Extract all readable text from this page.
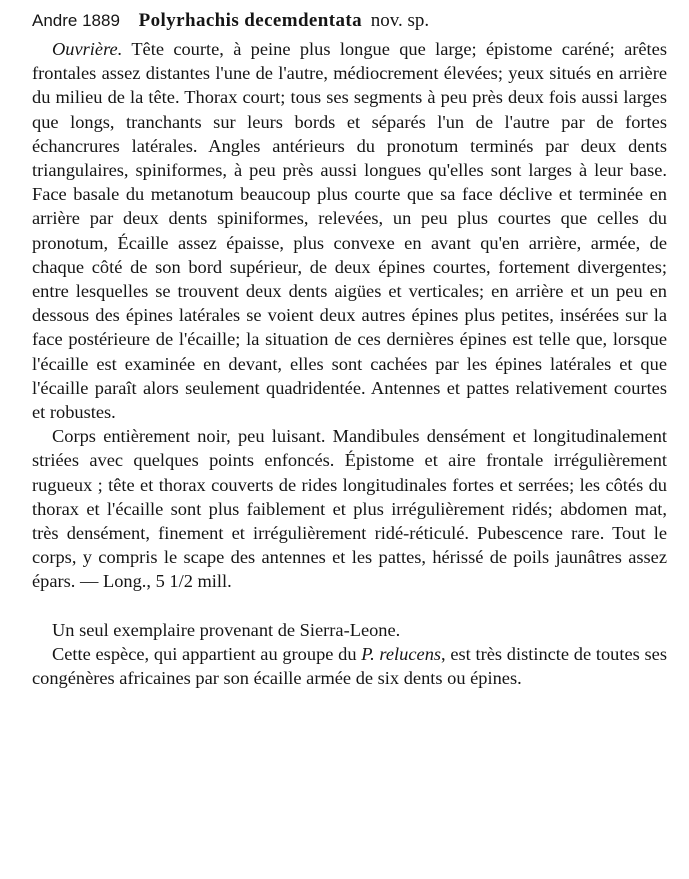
Andre 1889 Polyrhachis decemdentata nov. sp.

Ouvrière. Tête courte, à peine plus longue que large; épistome caréné; arêtes frontales assez distantes l'une de l'autre, médiocrement élevées; yeux situés en arrière du milieu de la tête. Thorax court; tous ses segments à peu près deux fois aussi larges que longs, tranchants sur leurs bords et séparés l'un de l'autre par de fortes échancrures latérales. Angles antérieurs du pronotum terminés par deux dents triangulaires, spiniformes, à peu près aussi longues qu'elles sont larges à leur base. Face basale du metanotum beaucoup plus courte que sa face déclive et terminée en arrière par deux dents spiniformes, relevées, un peu plus courtes que celles du pronotum, Écaille assez épaisse, plus convexe en avant qu'en arrière, armée, de chaque côté de son bord supérieur, de deux épines courtes, fortement divergentes; entre lesquelles se trouvent deux dents aigües et verticales; en arrière et un peu en dessous des épines latérales se voient deux autres épines plus petites, insérées sur la face postérieure de l'écaille; la situation de ces dernières épines est telle que, lorsque l'écaille est examinée en devant, elles sont cachées par les épines latérales et que l'écaille paraît alors seulement quadridentée. Antennes et pattes relativement courtes et robustes.

Corps entièrement noir, peu luisant. Mandibules densément et longitudinalement striées avec quelques points enfoncés. Épistome et aire frontale irrégulièrement rugueux ; tête et thorax couverts de rides longitudinales fortes et serrées; les côtés du thorax et l'écaille sont plus faiblement et plus irrégulièrement ridés; abdomen mat, très densément, finement et irrégulièrement ridé-réticulé. Pubescence rare. Tout le corps, y compris le scape des antennes et les pattes, hérissé de poils jaunâtres assez épars. — Long., 5 1/2 mill.

Un seul exemplaire provenant de Sierra-Leone.

Cette espèce, qui appartient au groupe du P. relucens, est très distincte de toutes ses congénères africaines par son écaille armée de six dents ou épines.
